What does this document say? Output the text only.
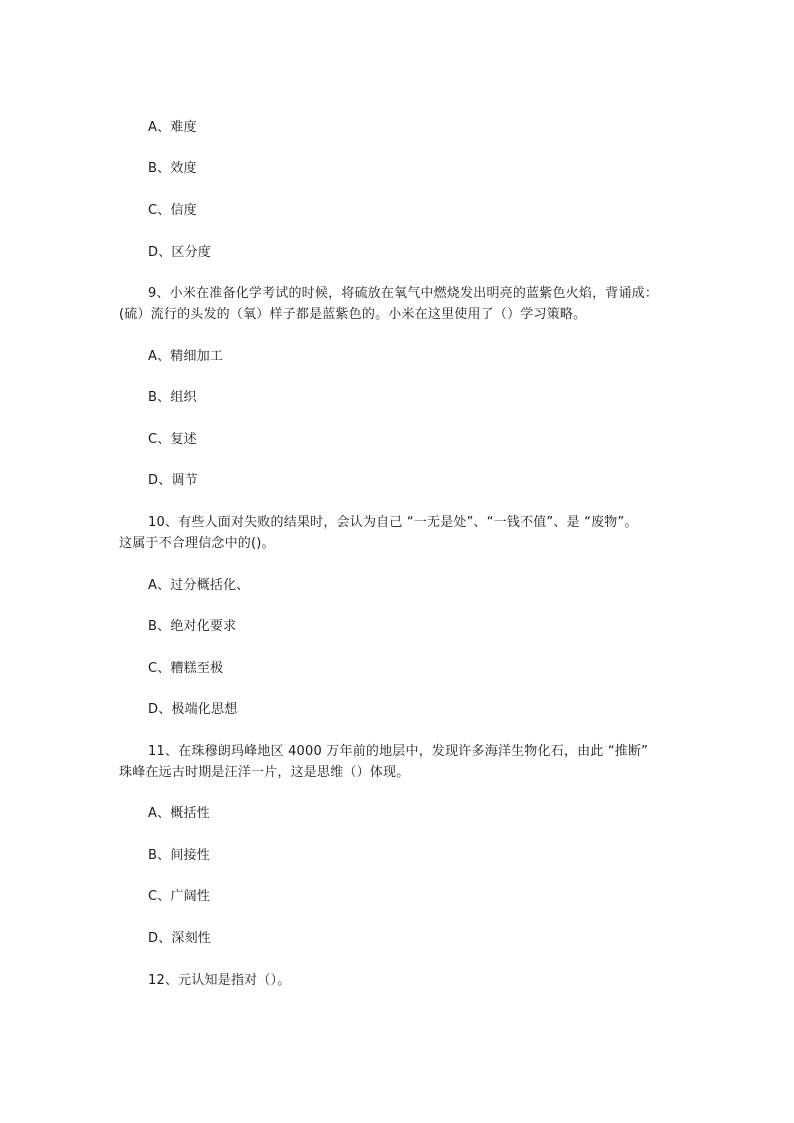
A、难度
B、效度
C、信度
D、区分度
9、小米在准备化学考试的时候，将硫放在氧气中燃烧发出明亮的蓝紫色火焰，背诵成：
(硫）流行的头发的（氧）样子都是蓝紫色的。小米在这里使用了（）学习策略。
A、精细加工
B、组织
C、复述
D、调节
10、有些人面对失败的结果时，会认为自己 “一无是处”、“一钱不值”、是 “废物”。
这属于不合理信念中的()。
A、过分概括化、
B、绝对化要求
C、糟糕至极
D、极端化思想
11、在珠穆朗玛峰地区 4000 万年前的地层中，发现许多海洋生物化石，由此 “推断”
珠峰在远古时期是汪洋一片，这是思维（）体现。
A、概括性
B、间接性
C、广阔性
D、深刻性
12、元认知是指对（）。
